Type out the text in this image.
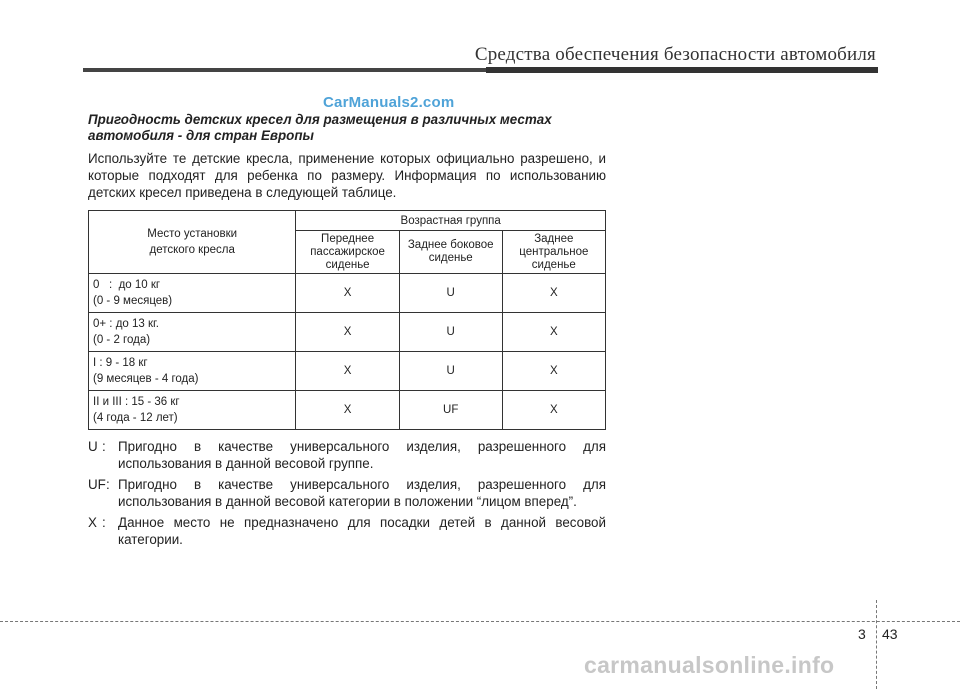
Средства обеспечения безопасности автомобиля
CarManuals2.com
Пригодность детских кресел для размещения в различных местах автомобиля - для стран Европы
Используйте те детские кресла, применение которых официально разрешено, и которые подходят для ребенка по размеру. Информация по использованию детских кресел приведена в следующей таблице.
Место установки
детского кресла	Возрастная группа		
	Переднее пассажирское сиденье	Заднее боковое сиденье	Заднее центральное сиденье

0   :  до 10 кг
(0 - 9 месяцев)	X	U	X

0+ : до 13 кг.
(0 - 2 года)	X	U	X

I : 9 - 18 кг
(9 месяцев - 4 года)	X	U	X

II и III : 15 - 36 кг
(4 года - 12 лет)	X	UF	X
U : Пригодно в качестве универсального изделия, разрешенного для использования в данной весовой группе.
UF : Пригодно в качестве универсального изделия, разрешенного для использования в данной весовой категории в положении “лицом вперед”.
X : Данное место не предназначено для посадки детей в данной весовой категории.
3 43
carmanualsonline.info
